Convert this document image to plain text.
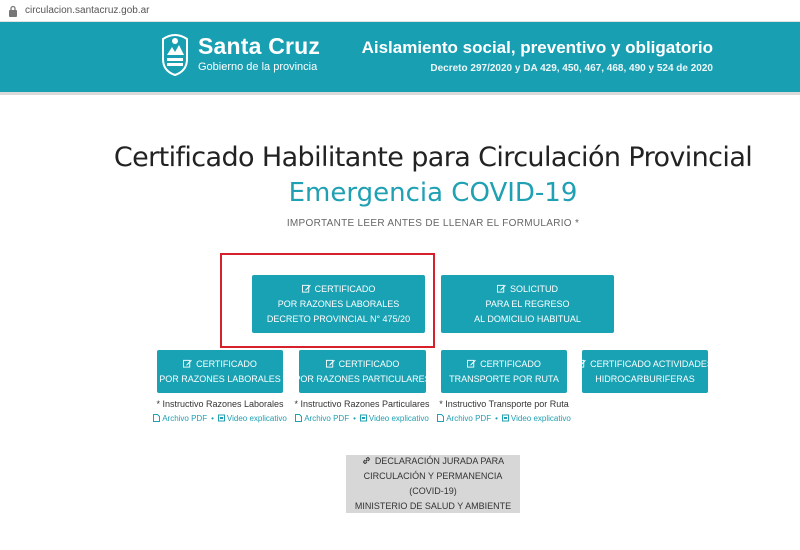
circulacion.santacruz.gob.ar
Santa Cruz
Gobierno de la provincia
Aislamiento social, preventivo y obligatorio
Decreto 297/2020 y DA 429, 450, 467, 468, 490 y 524 de 2020
Certificado Habilitante para Circulación Provincial
Emergencia COVID-19
IMPORTANTE LEER ANTES DE LLENAR EL FORMULARIO *
CERTIFICADO
POR RAZONES LABORALES
DECRETO PROVINCIAL N° 475/20
SOLICITUD
PARA EL REGRESO
AL DOMICILIO HABITUAL
CERTIFICADO
POR RAZONES LABORALES
CERTIFICADO
POR RAZONES PARTICULARES
CERTIFICADO
TRANSPORTE POR RUTA
CERTIFICADO ACTIVIDADES
HIDROCARBURIFERAS
* Instructivo Razones Laborales
Archivo PDF • Video explicativo
* Instructivo Razones Particulares
Archivo PDF • Video explicativo
* Instructivo Transporte por Ruta
Archivo PDF • Video explicativo
DECLARACIÓN JURADA PARA
CIRCULACIÓN Y PERMANENCIA (COVID-19)
MINISTERIO DE SALUD Y AMBIENTE
